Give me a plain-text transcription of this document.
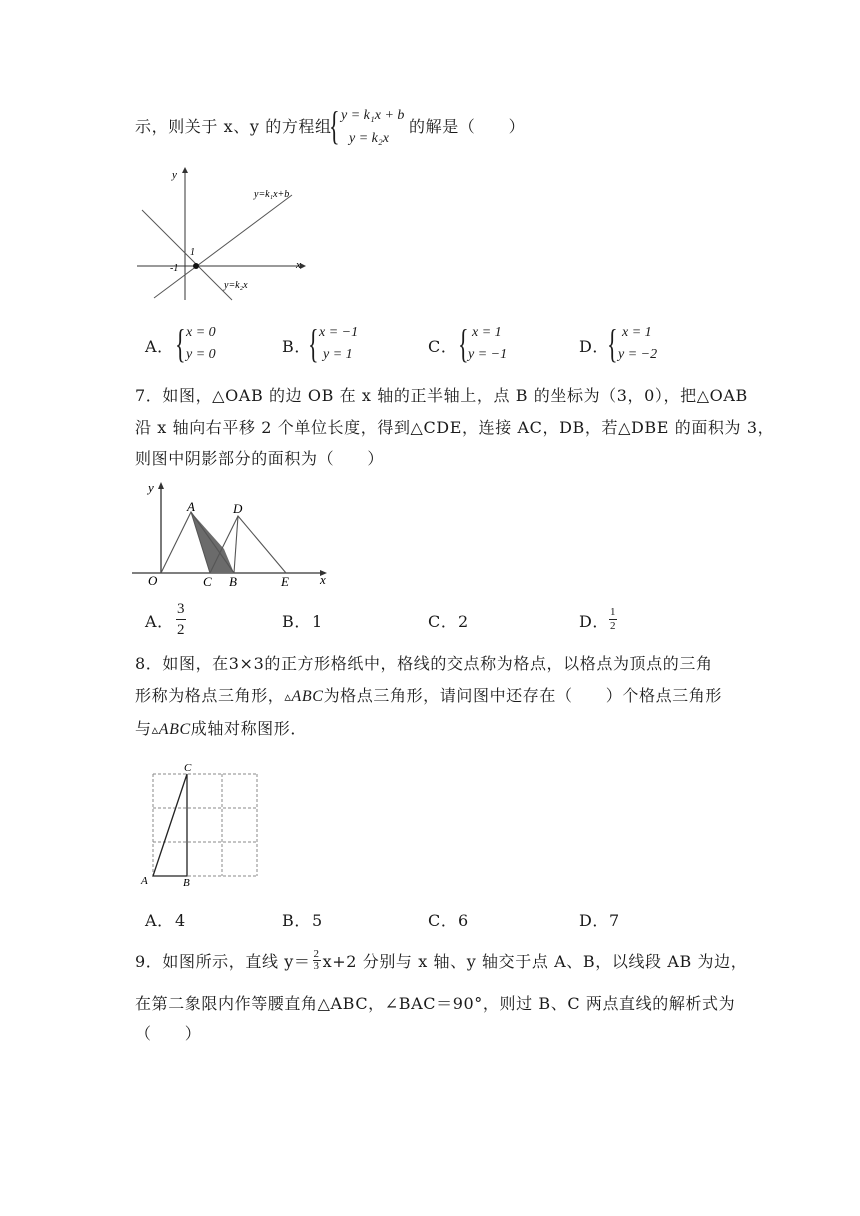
示，则关于 x、y 的方程组
{ y = k₁x + b
y = k₂x
的解是（　　）
y
x
1
-1
y=k₁x+b
y=k₂x
A． { x = 0
y = 0	B．
{ x = −1
y = 1	C． { x = 1
y = −1	D．
{ x = 1
y = −2
7．如图，△OAB 的边 OB 在 x 轴的正半轴上，点 B 的坐标为（3，0），把△OAB
沿 x 轴向右平移 2 个单位长度，得到△CDE，连接 AC，DB，若△DBE 的面积为 3，
则图中阴影部分的面积为（　　）
y
x
O
A
C B
D
E
A． $\frac{3}{2}$	B． 1	C． 2	D． $\frac{1}{2}$
8．如图，在3×3的正方形格纸中，格线的交点称为格点，以格点为顶点的三角
形称为格点三角形，▵ABC为格点三角形，请问图中还存在（　　）个格点三角形
与▵ABC成轴对称图形．
A	B
C
A． 4	B． 5	C． 6	D． 7
9．如图所示，直线 $y= \frac{2}{3} x+2$ 分别与 x 轴、y 轴交于点 A、B，以线段 AB 为边，
在第二象限内作等腰直角△ABC，∠BAC＝90°，则过 B、C 两点直线的解析式为
（　　）
